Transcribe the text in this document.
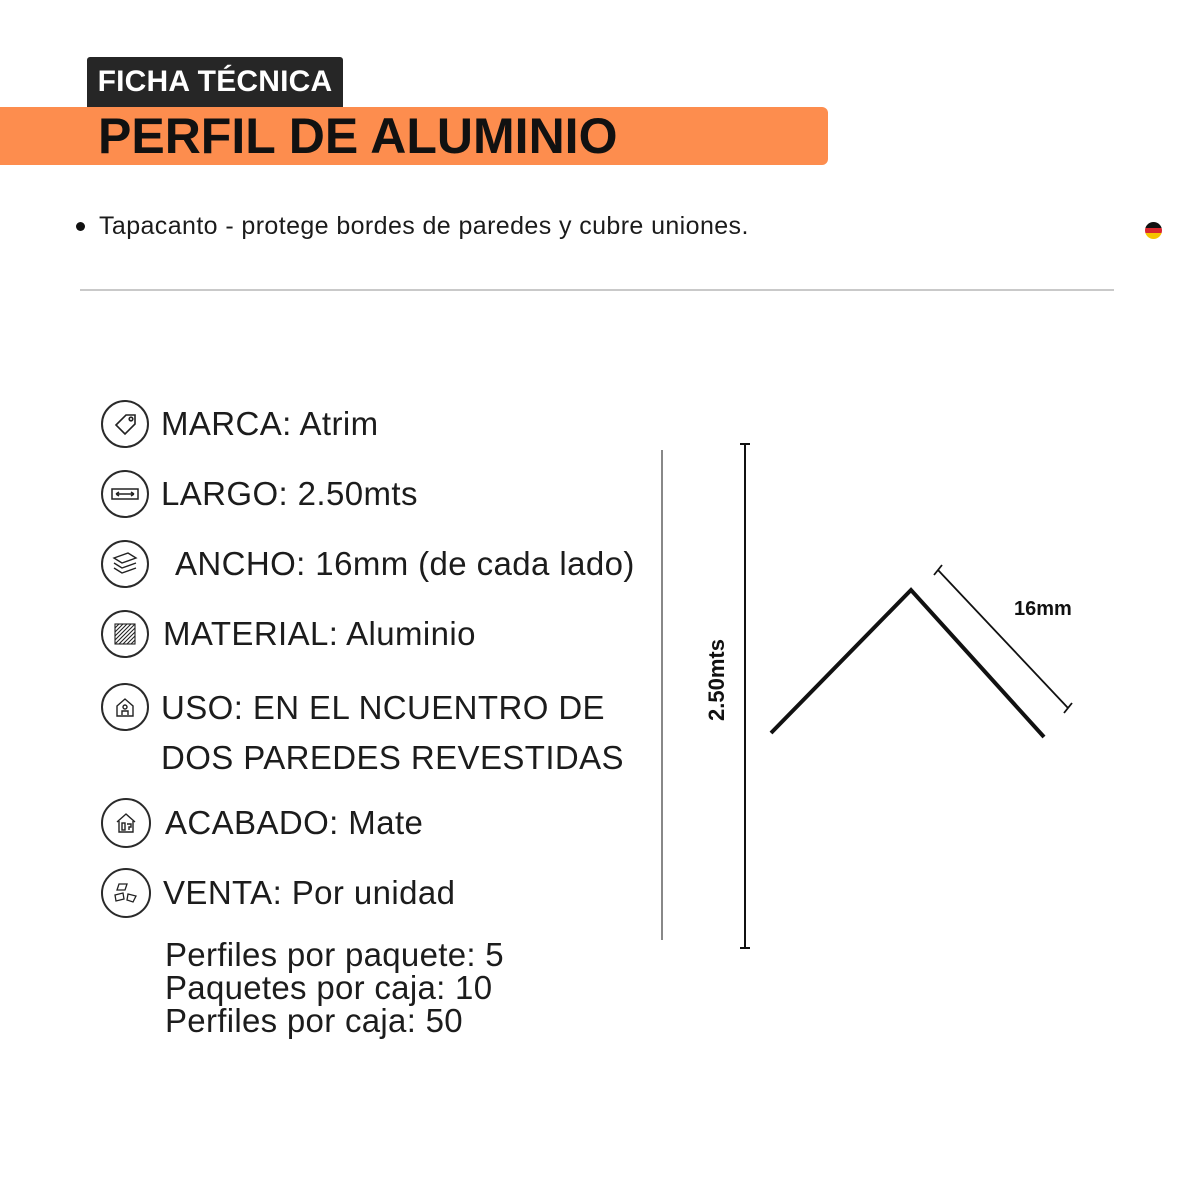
FICHA TÉCNICA
PERFIL DE ALUMINIO
Tapacanto - protege bordes de paredes y cubre uniones.
MARCA: Atrim
LARGO: 2.50mts
ANCHO: 16mm (de cada lado)
MATERIAL: Aluminio
USO: EN EL NCUENTRO DE
DOS PAREDES REVESTIDAS
ACABADO: Mate
VENTA: Por unidad
Perfiles por paquete: 5
Paquetes por caja: 10
Perfiles por caja: 50
2.50mts
16mm
